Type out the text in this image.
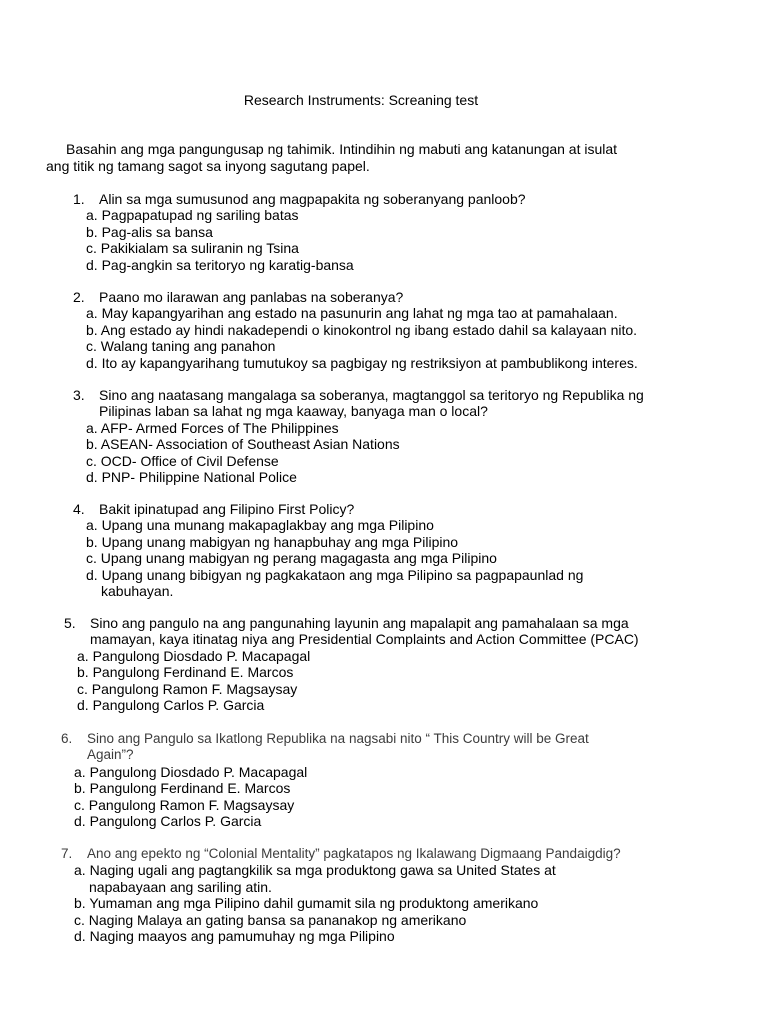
Research Instruments: Screaning test
Basahin ang mga pangungusap ng tahimik. Intindihin ng mabuti ang katanungan at isulat ang titik ng tamang sagot sa inyong sagutang papel.
1.	Alin sa mga sumusunod ang magpapakita ng soberanyang panloob?
a. Pagpapatupad ng sariling batas
b. Pag-alis sa bansa
c. Pakikialam sa suliranin ng Tsina
d. Pag-angkin sa teritoryo ng karatig-bansa
2.	Paano mo ilarawan ang panlabas na soberanya?
a. May kapangyarihan ang estado na pasunurin ang lahat ng mga tao at pamahalaan.
b. Ang estado ay hindi nakadependi o kinokontrol ng ibang estado dahil sa kalayaan nito.
c. Walang taning ang panahon
d. Ito ay kapangyarihang tumutukoy sa pagbigay ng restriksiyon at pambublikong interes.
3.	Sino ang naatasang mangalaga sa soberanya, magtanggol sa teritoryo ng Republika ng
Pilipinas laban sa lahat ng mga kaaway, banyaga man o local?
a. AFP- Armed Forces of The Philippines
b. ASEAN- Association of Southeast Asian Nations
c. OCD- Office of Civil Defense
d. PNP- Philippine National Police
4.	Bakit ipinatupad ang Filipino First Policy?
a. Upang una munang makapaglakbay ang mga Pilipino
b. Upang unang mabigyan ng hanapbuhay ang mga Pilipino
c. Upang unang mabigyan ng perang magagasta ang mga Pilipino
d. Upang unang bibigyan ng pagkakataon ang mga Pilipino sa pagpapaunlad ng
kabuhayan.
5.	Sino ang pangulo na ang pangunahing layunin ang mapalapit ang pamahalaan sa mga
mamayan, kaya itinatag niya ang Presidential Complaints and Action Committee (PCAC)
a. Pangulong Diosdado P. Macapagal
b. Pangulong Ferdinand E. Marcos
c. Pangulong Ramon F. Magsaysay
d. Pangulong Carlos P. Garcia
6.	Sino ang Pangulo sa Ikatlong Republika na nagsabi nito “ This Country will be Great
Again”?
a. Pangulong Diosdado P. Macapagal
b. Pangulong Ferdinand E. Marcos
c. Pangulong Ramon F. Magsaysay
d. Pangulong Carlos P. Garcia
7.	Ano ang epekto ng “Colonial Mentality” pagkatapos ng Ikalawang Digmaang Pandaigdig?
a. Naging ugali ang pagtangkilik sa mga produktong gawa sa United States at
napabayaan ang sariling atin.
b. Yumaman ang mga Pilipino dahil gumamit sila ng produktong amerikano
c. Naging Malaya an gating bansa sa pananakop ng amerikano
d. Naging maayos ang pamumuhay ng mga Pilipino
